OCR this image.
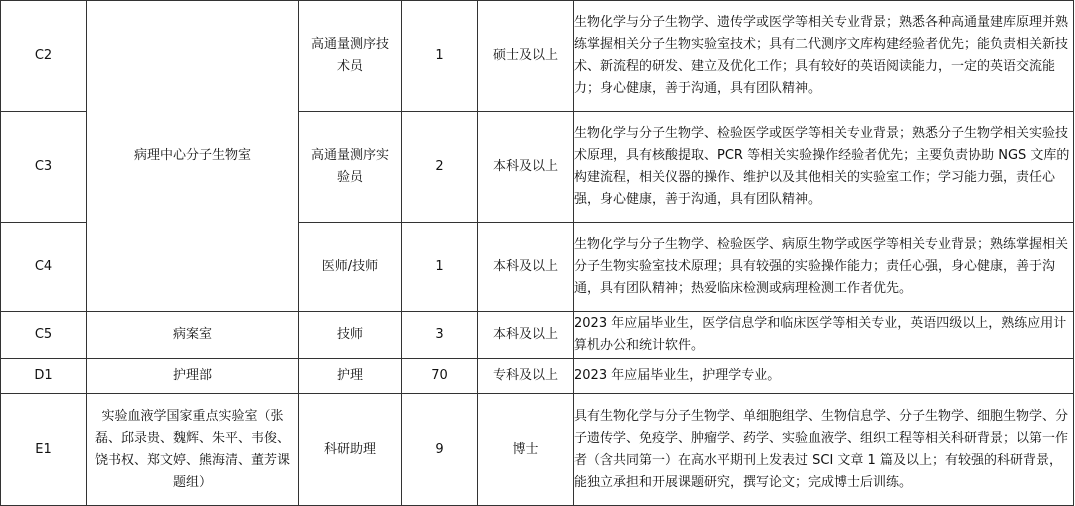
C2	病理中心分子生物室	高通量测序技术员	1	硕士及以上	生物化学与分子生物学、遗传学或医学等相关专业背景；熟悉各种高通量建库原理并熟练掌握相关分子生物实验室技术；具有二代测序文库构建经验者优先；能负责相关新技术、新流程的研发、建立及优化工作；具有较好的英语阅读能力，一定的英语交流能力；身心健康，善于沟通，具有团队精神。
C3		高通量测序实验员	2	本科及以上	生物化学与分子生物学、检验医学或医学等相关专业背景；熟悉分子生物学相关实验技术原理，具有核酸提取、PCR 等相关实验操作经验者优先；主要负责协助 NGS 文库的构建流程，相关仪器的操作、维护以及其他相关的实验室工作；学习能力强，责任心强，身心健康，善于沟通，具有团队精神。
C4		医师/技师	1	本科及以上	生物化学与分子生物学、检验医学、病原生物学或医学等相关专业背景；熟练掌握相关分子生物实验室技术原理；具有较强的实验操作能力；责任心强，身心健康，善于沟通，具有团队精神；热爱临床检测或病理检测工作者优先。
C5	病案室	技师	3	本科及以上	2023 年应届毕业生，医学信息学和临床医学等相关专业，英语四级以上，熟练应用计算机办公和统计软件。
D1	护理部	护理	70	专科及以上	2023 年应届毕业生，护理学专业。
E1	实验血液学国家重点实验室（张磊、邱录贵、魏辉、朱平、韦俊、饶书权、郑文婷、熊海清、董芳课题组）	科研助理	9	博士	具有生物化学与分子生物学、单细胞组学、生物信息学、分子生物学、细胞生物学、分子遗传学、免疫学、肿瘤学、药学、实验血液学、组织工程等相关科研背景；以第一作者（含共同第一）在高水平期刊上发表过 SCI 文章 1 篇及以上；有较强的科研背景，能独立承担和开展课题研究，撰写论文；完成博士后训练。
